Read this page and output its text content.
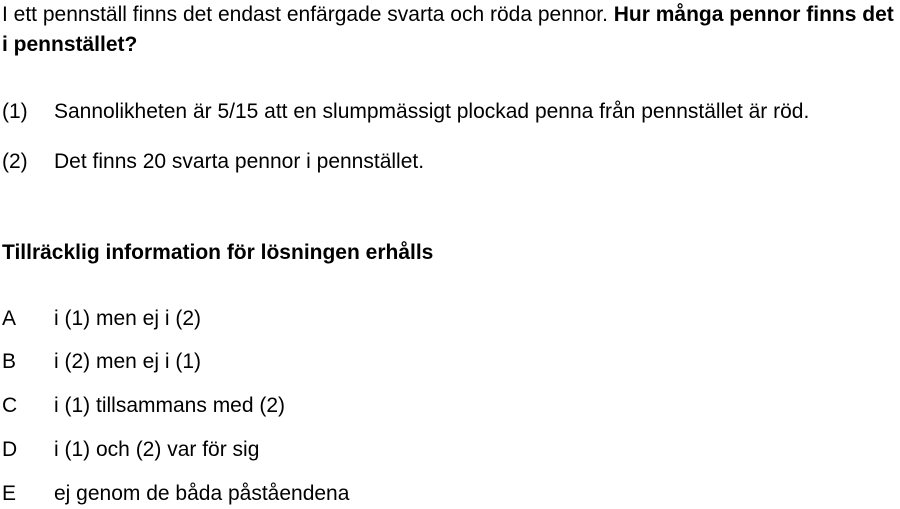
I ett pennställ finns det endast enfärgade svarta och röda pennor. Hur många pennor finns det i pennstället?

(1) Sannolikheten är 5/15 att en slumpmässigt plockad penna från pennstället är röd.
(2) Det finns 20 svarta pennor i pennstället.
Tillräcklig information för lösningen erhålls
A i (1) men ej i (2)
B i (2) men ej i (1)
C i (1) tillsammans med (2)
D i (1) och (2) var för sig
E ej genom de båda påståendena
